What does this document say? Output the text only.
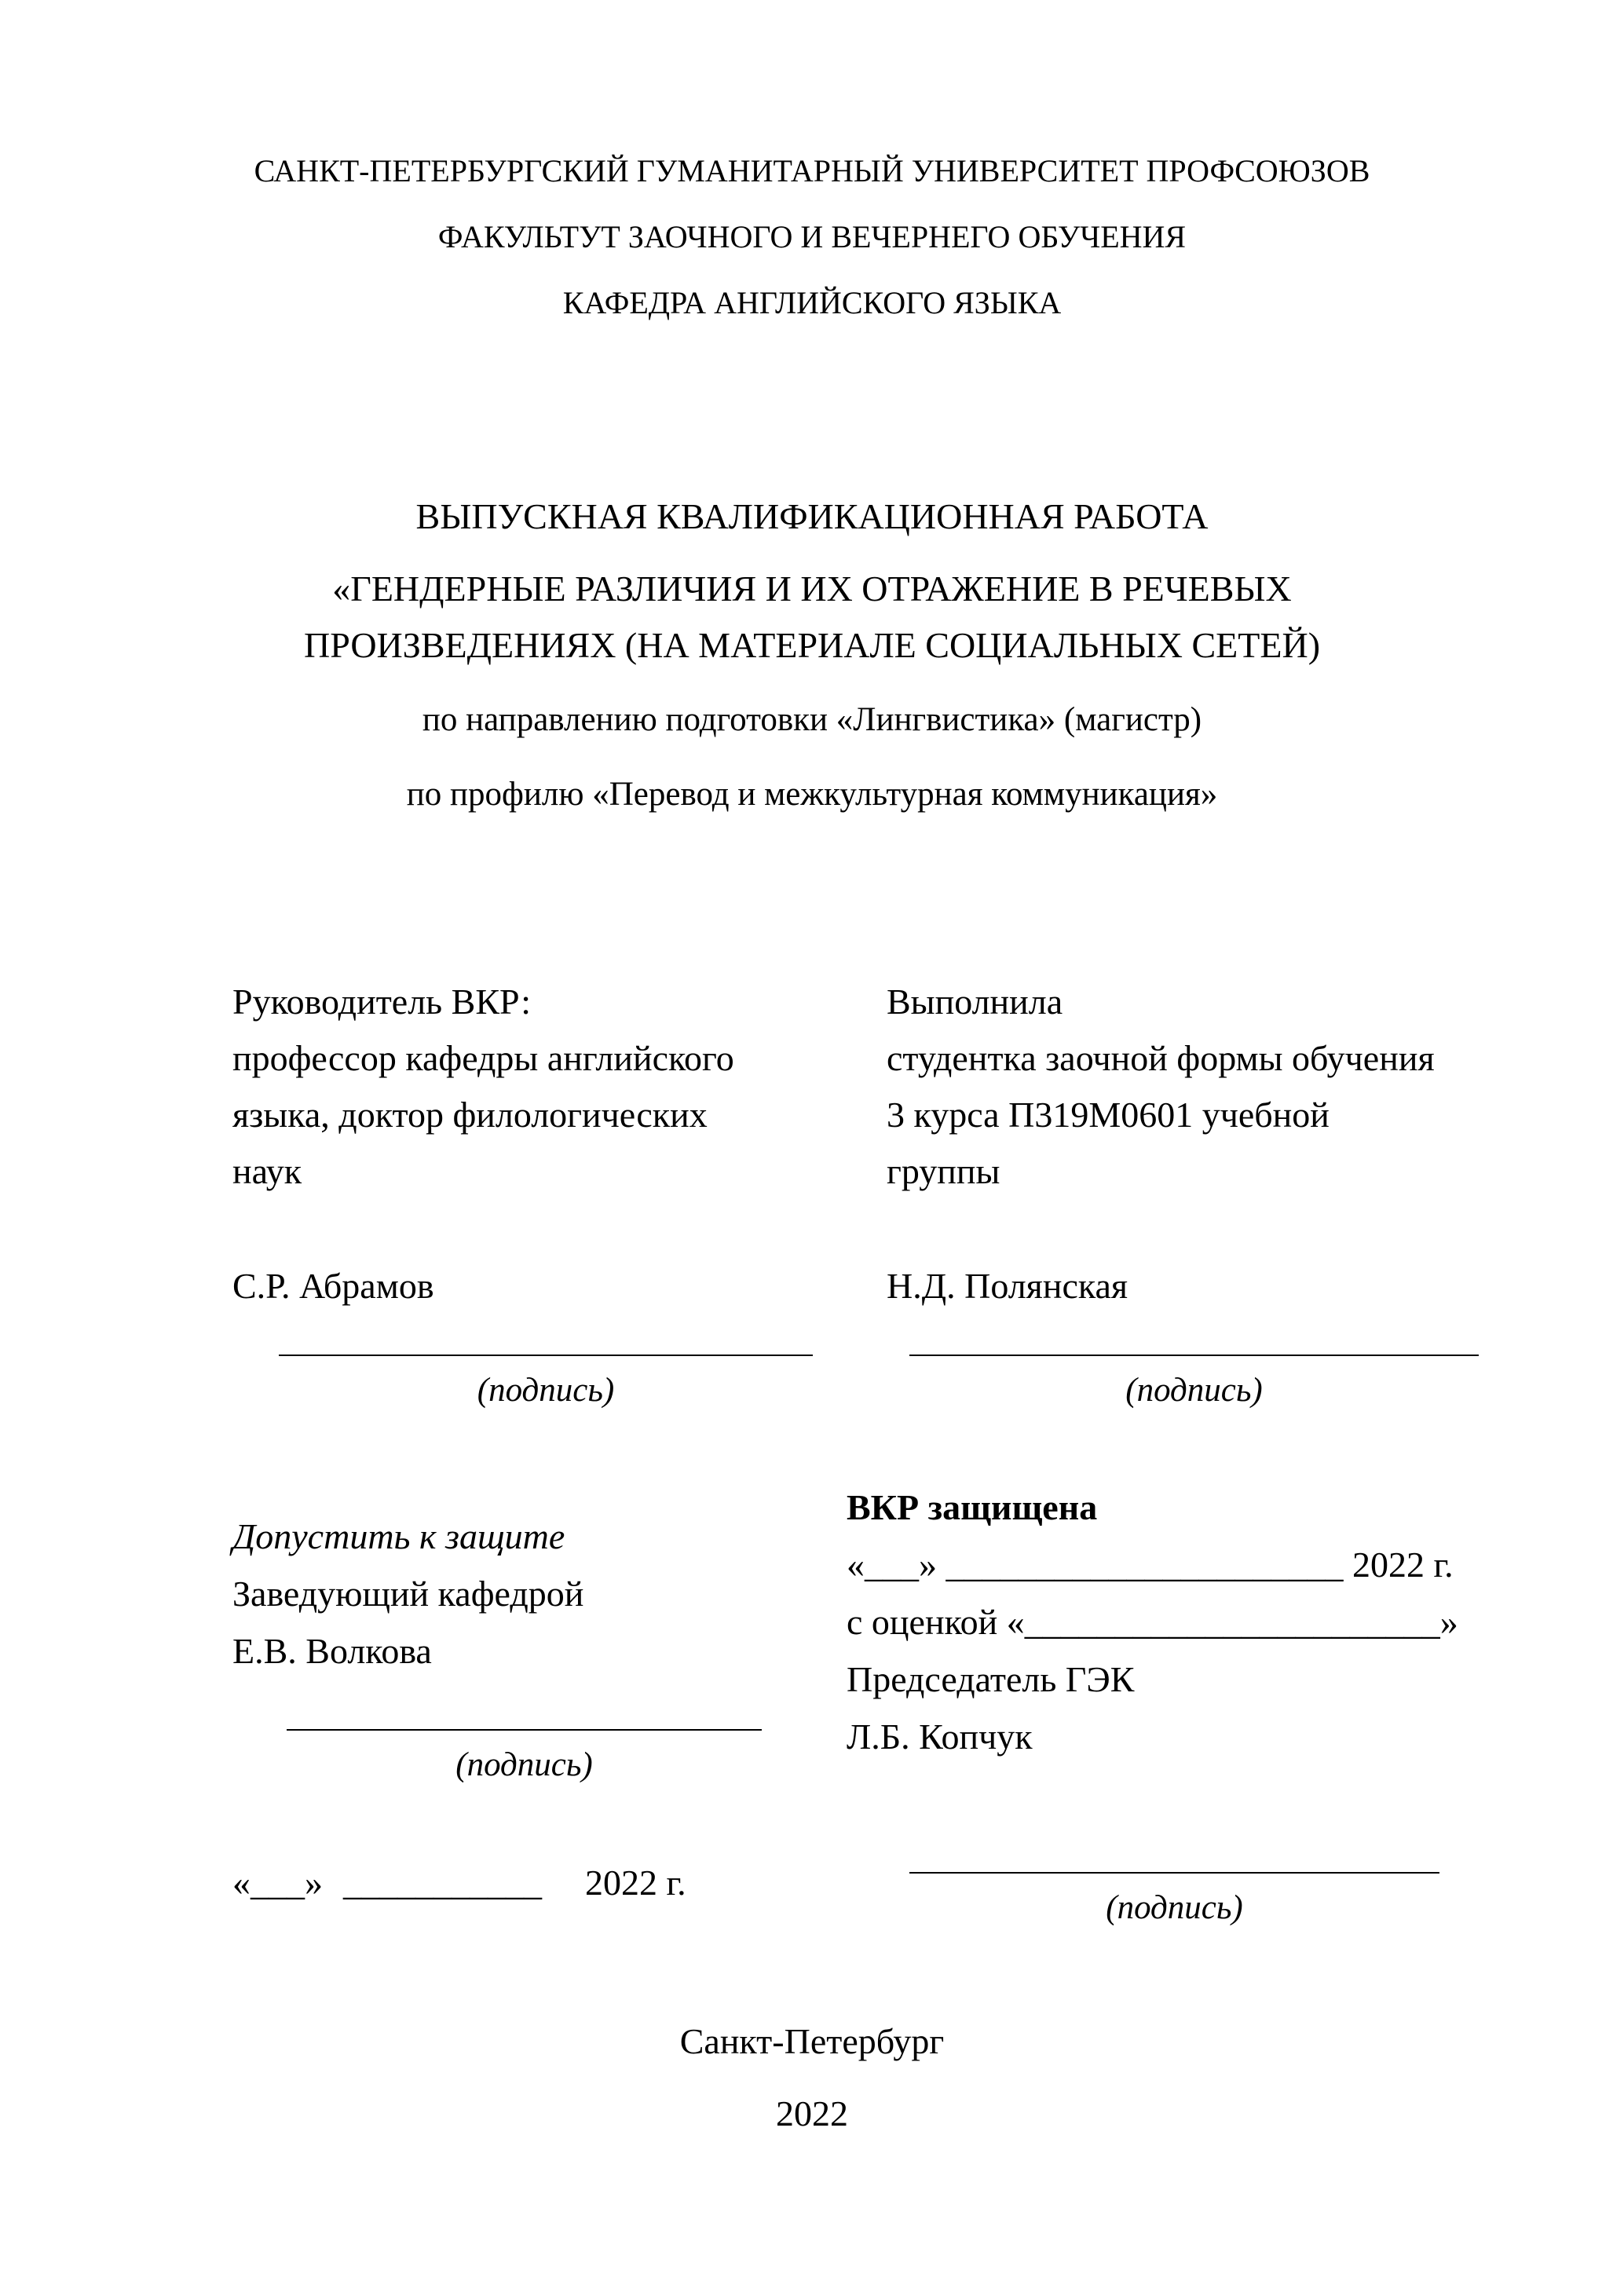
САНКТ-ПЕТЕРБУРГСКИЙ ГУМАНИТАРНЫЙ УНИВЕРСИТЕТ ПРОФСОЮЗОВ
ФАКУЛЬТУТ ЗАОЧНОГО И ВЕЧЕРНЕГО ОБУЧЕНИЯ
КАФЕДРА АНГЛИЙСКОГО ЯЗЫКА
ВЫПУСКНАЯ КВАЛИФИКАЦИОННАЯ РАБОТА
«ГЕНДЕРНЫЕ РАЗЛИЧИЯ И ИХ ОТРАЖЕНИЕ В РЕЧЕВЫХ
ПРОИЗВЕДЕНИЯХ (НА МАТЕРИАЛЕ СОЦИАЛЬНЫХ СЕТЕЙ)
по направлению подготовки «Лингвистика» (магистр)
по профилю «Перевод и межкультурная коммуникация»
Руководитель ВКР:
профессор кафедры английского
языка, доктор филологических
наук
С.Р. Абрамов
(подпись)
Выполнила
студентка заочной формы обучения
3 курса П319М0601 учебной
группы
Н.Д. Полянская
(подпись)
Допустить к защите
Заведующий кафедрой
Е.В. Волкова
(подпись)
«___» ___________ 2022 г.
ВКР защищена
«___» ______________________ 2022 г.
с оценкой «_______________________»
Председатель ГЭК
Л.Б. Копчук
(подпись)
Санкт-Петербург
2022
